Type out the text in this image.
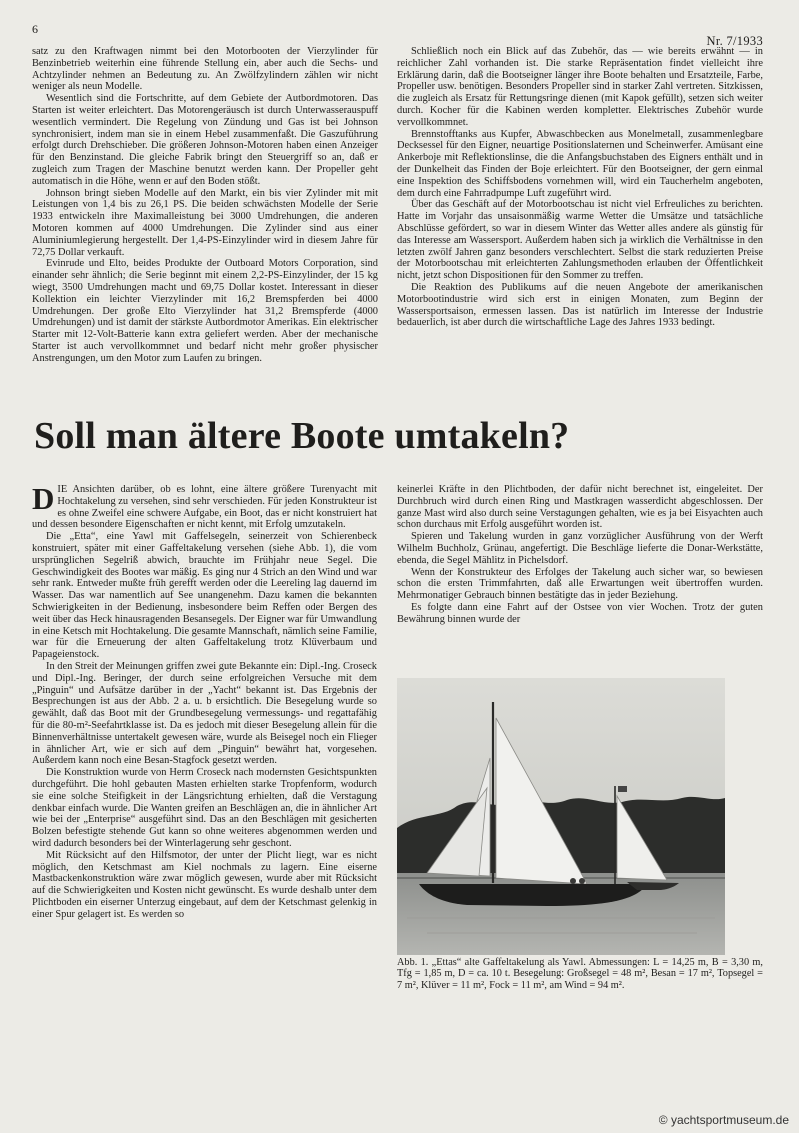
6
Nr. 7/1933

satz zu den Kraftwagen nimmt bei den Motorbooten der Vierzylinder für Benzinbetrieb weiterhin eine führende Stellung ein, aber auch die Sechs- und Achtzylinder nehmen an Bedeutung zu. An Zwölfzylindern zählen wir nicht weniger als neun Modelle.

Wesentlich sind die Fortschritte, auf dem Gebiete der Autbordmotoren. Das Starten ist weiter erleichtert. Das Motorengeräusch ist durch Unterwasserauspuff wesentlich vermindert. Die Regelung von Zündung und Gas ist bei Johnson synchronisiert, indem man sie in einem Hebel zusammenfaßt. Die Gaszuführung erfolgt durch Drehschieber. Die größeren Johnson-Motoren haben einen Anzeiger für den Benzinstand. Die gleiche Fabrik bringt den Steuergriff so an, daß er zugleich zum Tragen der Maschine benutzt werden kann. Der Propeller geht automatisch in die Höhe, wenn er auf den Boden stößt.

Johnson bringt sieben Modelle auf den Markt, ein bis vier Zylinder mit mit Leistungen von 1,4 bis zu 26,1 PS. Die beiden schwächsten Modelle der Serie 1933 entwickeln ihre Maximalleistung bei 3000 Umdrehungen, die anderen Motoren kommen auf 4000 Umdrehungen. Die Zylinder sind aus einer Aluminiumlegierung hergestellt. Der 1,4-PS-Einzylinder wird in diesem Jahre für 72,75 Dollar verkauft.

Evinrude und Elto, beides Produkte der Outboard Motors Corporation, sind einander sehr ähnlich; die Serie beginnt mit einem 2,2-PS-Einzylinder, der 15 kg wiegt, 3500 Umdrehungen macht und 69,75 Dollar kostet. Interessant in dieser Kollektion ein leichter Vierzylinder mit 16,2 Bremspferden bei 4000 Umdrehungen. Der große Elto Vierzylinder hat 31,2 Bremspferde (4000 Umdrehungen) und ist damit der stärkste Autbordmotor Amerikas. Ein elektrischer Starter mit 12-Volt-Batterie kann extra geliefert werden. Aber der mechanische Starter ist auch vervollkommnet und bedarf nicht mehr großer physischer Anstrengungen, um den Motor zum Laufen zu bringen.

Schließlich noch ein Blick auf das Zubehör, das — wie bereits erwähnt — in reichlicher Zahl vorhanden ist. Die starke Repräsentation findet vielleicht ihre Erklärung darin, daß die Bootseigner länger ihre Boote behalten und Ersatzteile, Farbe, Propeller usw. benötigen. Besonders Propeller sind in starker Zahl vertreten. Sitzkissen, die zugleich als Ersatz für Rettungsringe dienen (mit Kapok gefüllt), setzen sich weiter durch. Kocher für die Kabinen werden kompletter. Elektrisches Zubehör wurde vervollkommnet.

Brennstofftanks aus Kupfer, Abwaschbecken aus Monelmetall, zusammenlegbare Decksessel für den Eigner, neuartige Positionslaternen und Scheinwerfer. Amüsant eine Ankerboje mit Reflektionslinse, die die Anfangsbuchstaben des Eigners enthält und in der Dunkelheit das Finden der Boje erleichtert. Für den Bootseigner, der gern einmal eine Inspektion des Schiffsbodens vornehmen will, wird ein Taucherhelm angeboten, dem durch eine Fahrradpumpe Luft zugeführt wird.

Über das Geschäft auf der Motorbootschau ist nicht viel Erfreuliches zu berichten. Hatte im Vorjahr das unsaisonmäßig warme Wetter die Umsätze und tatsächliche Abschlüsse gefördert, so war in diesem Winter das Wetter alles andere als günstig für das Interesse am Wassersport. Außerdem haben sich ja wirklich die Verhältnisse in den letzten zwölf Jahren ganz besonders verschlechtert. Selbst die stark reduzierten Preise der Motorbootschau mit erleichterten Zahlungsmethoden erlauben der Öffentlichkeit nicht, jetzt schon Dispositionen für den Sommer zu treffen.

Die Reaktion des Publikums auf die neuen Angebote der amerikanischen Motorbootindustrie wird sich erst in einigen Monaten, zum Beginn der Wassersportsaison, ermessen lassen. Das ist natürlich im Interesse der Industrie bedauerlich, ist aber durch die wirtschaftliche Lage des Jahres 1933 bedingt.

Soll man ältere Boote umtakeln?

DIE Ansichten darüber, ob es lohnt, eine ältere größere Turenyacht mit Hochtakelung zu versehen, sind sehr verschieden. Für jeden Konstrukteur ist es ohne Zweifel eine schwere Aufgabe, ein Boot, das er nicht konstruiert hat und dessen besondere Eigenschaften er nicht kennt, mit Erfolg umzutakeln.

Die „Etta“, eine Yawl mit Gaffelsegeln, seinerzeit von Schierenbeck konstruiert, später mit einer Gaffeltakelung versehen (siehe Abb. 1), die vom ursprünglichen Segelriß abwich, brauchte im Frühjahr neue Segel. Die Geschwindigkeit des Bootes war mäßig. Es ging nur 4 Strich an den Wind und war sehr rank. Entweder mußte früh gerefft werden oder die Leereling lag dauernd im Wasser. Das war namentlich auf See unangenehm. Dazu kamen die bekannten Schwierigkeiten in der Bedienung, insbesondere beim Reffen oder Bergen des weit über das Heck hinausragenden Besansegels. Der Eigner war für Umwandlung in eine Ketsch mit Hochtakelung. Die gesamte Mannschaft, nämlich seine Familie, war für die Erneuerung der alten Gaffeltakelung trotz Klüverbaum und Papageienstock.

In den Streit der Meinungen griffen zwei gute Bekannte ein: Dipl.-Ing. Croseck und Dipl.-Ing. Beringer, der durch seine erfolgreichen Versuche mit dem „Pinguin“ und Aufsätze darüber in der „Yacht“ bekannt ist. Das Ergebnis der Besprechungen ist aus der Abb. 2 a. u. b ersichtlich. Die Besegelung wurde so gewählt, daß das Boot mit der Grundbesegelung vermessungs- und regattafähig für die 80-m²-Seefahrtklasse ist. Da es jedoch mit dieser Besegelung allein für die Binnenverhältnisse untertakelt gewesen wäre, wurde als Beisegel noch ein Flieger in ähnlicher Art, wie er sich auf dem „Pinguin“ bewährt hat, vorgesehen. Außerdem kann noch eine Besan-Stagfock gesetzt werden.

Die Konstruktion wurde von Herrn Croseck nach modernsten Gesichtspunkten durchgeführt. Die hohl gebauten Masten erhielten starke Tropfenform, wodurch sie eine solche Steifigkeit in der Längsrichtung erhielten, daß die Verstagung denkbar einfach wurde. Die Wanten greifen an Beschlägen an, die in ähnlicher Art wie bei der „Enterprise“ ausgeführt sind. Das an den Beschlägen mit gesicherten Bolzen befestigte stehende Gut kann so ohne weiteres abgenommen werden und wird dadurch besonders bei der Winterlagerung sehr geschont.

Mit Rücksicht auf den Hilfsmotor, der unter der Plicht liegt, war es nicht möglich, den Ketschmast am Kiel nochmals zu lagern. Eine eiserne Mastbackenkonstruktion wäre zwar möglich gewesen, wurde aber mit Rücksicht auf die Schwierigkeiten und Kosten nicht gewünscht. Es wurde deshalb unter dem Plichtboden ein eiserner Unterzug eingebaut, auf dem der Ketschmast gelenkig in einer Spur gelagert ist. Es werden so

keinerlei Kräfte in den Plichtboden, der dafür nicht berechnet ist, eingeleitet. Der Durchbruch wird durch einen Ring und Mastkragen wasserdicht abgeschlossen. Der ganze Mast wird also durch seine Verstagungen gehalten, wie es ja bei Eisyachten auch schon durchaus mit Erfolg ausgeführt worden ist.

Spieren und Takelung wurden in ganz vorzüglicher Ausführung von der Werft Wilhelm Buchholz, Grünau, angefertigt. Die Beschläge lieferte die Donar-Werkstätte, ebenda, die Segel Mählitz in Pichelsdorf.

Wenn der Konstrukteur des Erfolges der Takelung auch sicher war, so bewiesen schon die ersten Trimmfahrten, daß alle Erwartungen weit übertroffen wurden. Mehrmonatiger Gebrauch binnen bestätigte das in jeder Beziehung.

Es folgte dann eine Fahrt auf der Ostsee von vier Wochen. Trotz der guten Bewährung binnen wurde der

Abb. 1. „Ettas“ alte Gaffeltakelung als Yawl. Abmessungen: L = 14,25 m, B = 3,30 m, Tfg = 1,85 m, D = ca. 10 t. Besegelung: Großsegel = 48 m², Besan = 17 m², Topsegel = 7 m², Klüver = 11 m², Fock = 11 m², am Wind = 94 m².
© yachtsportmuseum.de
